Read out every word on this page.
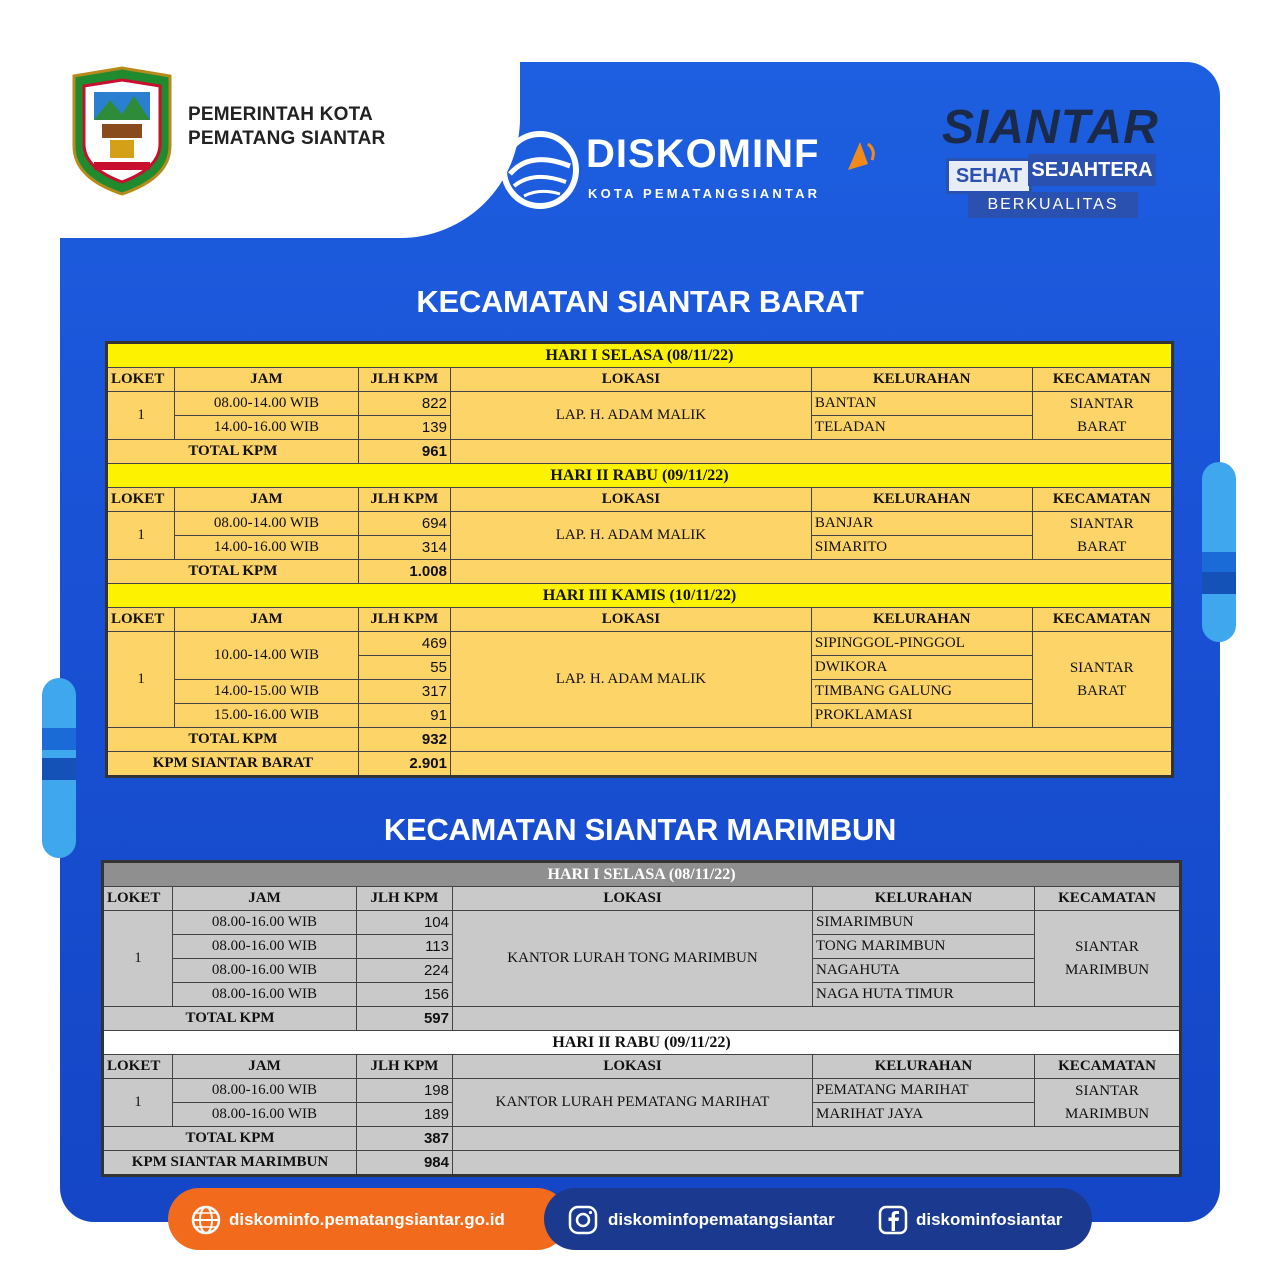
PEMERINTAH KOTA
PEMATANG SIANTAR	DISKOMINF
KOTA PEMATANGSIANTAR
SIANTAR
SEHAT SEJAHTERA
BERKUALITAS
KECAMATAN SIANTAR BARAT
HARI I SELASA (08/11/22)					
LOKET	JAM	JLH KPM	LOKASI	KELURAHAN	KECAMATAN
1	08.00-14.00 WIB	822	LAP. H. ADAM MALIK	BANTAN	SIANTAR
BARAT
	14.00-16.00 WIB	139		TELADAN	
TOTAL KPM		961			
HARI II RABU (09/11/22)					
LOKET	JAM	JLH KPM	LOKASI	KELURAHAN	KECAMATAN
1	08.00-14.00 WIB	694	LAP. H. ADAM MALIK	BANJAR	SIANTAR
BARAT
	14.00-16.00 WIB	314		SIMARITO	
TOTAL KPM		1.008			
HARI III KAMIS (10/11/22)					
LOKET	JAM	JLH KPM	LOKASI	KELURAHAN	KECAMATAN
1	10.00-14.00 WIB	469	LAP. H. ADAM MALIK	SIPINGGOL-PINGGOL	SIANTAR
BARAT
		55		DWIKORA	
	14.00-15.00 WIB	317		TIMBANG GALUNG	
	15.00-16.00 WIB	91		PROKLAMASI	
TOTAL KPM		932			
KPM SIANTAR BARAT		2.901			
KECAMATAN SIANTAR MARIMBUN
HARI I SELASA (08/11/22)					
LOKET	JAM	JLH KPM	LOKASI	KELURAHAN	KECAMATAN
1	08.00-16.00 WIB	104	KANTOR LURAH TONG MARIMBUN	SIMARIMBUN	SIANTAR
MARIMBUN
	08.00-16.00 WIB	113		TONG MARIMBUN	
	08.00-16.00 WIB	224		NAGAHUTA	
	08.00-16.00 WIB	156		NAGA HUTA TIMUR	
TOTAL KPM		597			
HARI II RABU (09/11/22)					
LOKET	JAM	JLH KPM	LOKASI	KELURAHAN	KECAMATAN
1	08.00-16.00 WIB	198	KANTOR LURAH PEMATANG MARIHAT	PEMATANG MARIHAT	SIANTAR
MARIMBUN
	08.00-16.00 WIB	189		MARIHAT JAYA	
TOTAL KPM		387			
KPM SIANTAR MARIMBUN		984			
diskominfo.pematangsiantar.go.id	diskominfopematangsiantar	diskominfosiantar
